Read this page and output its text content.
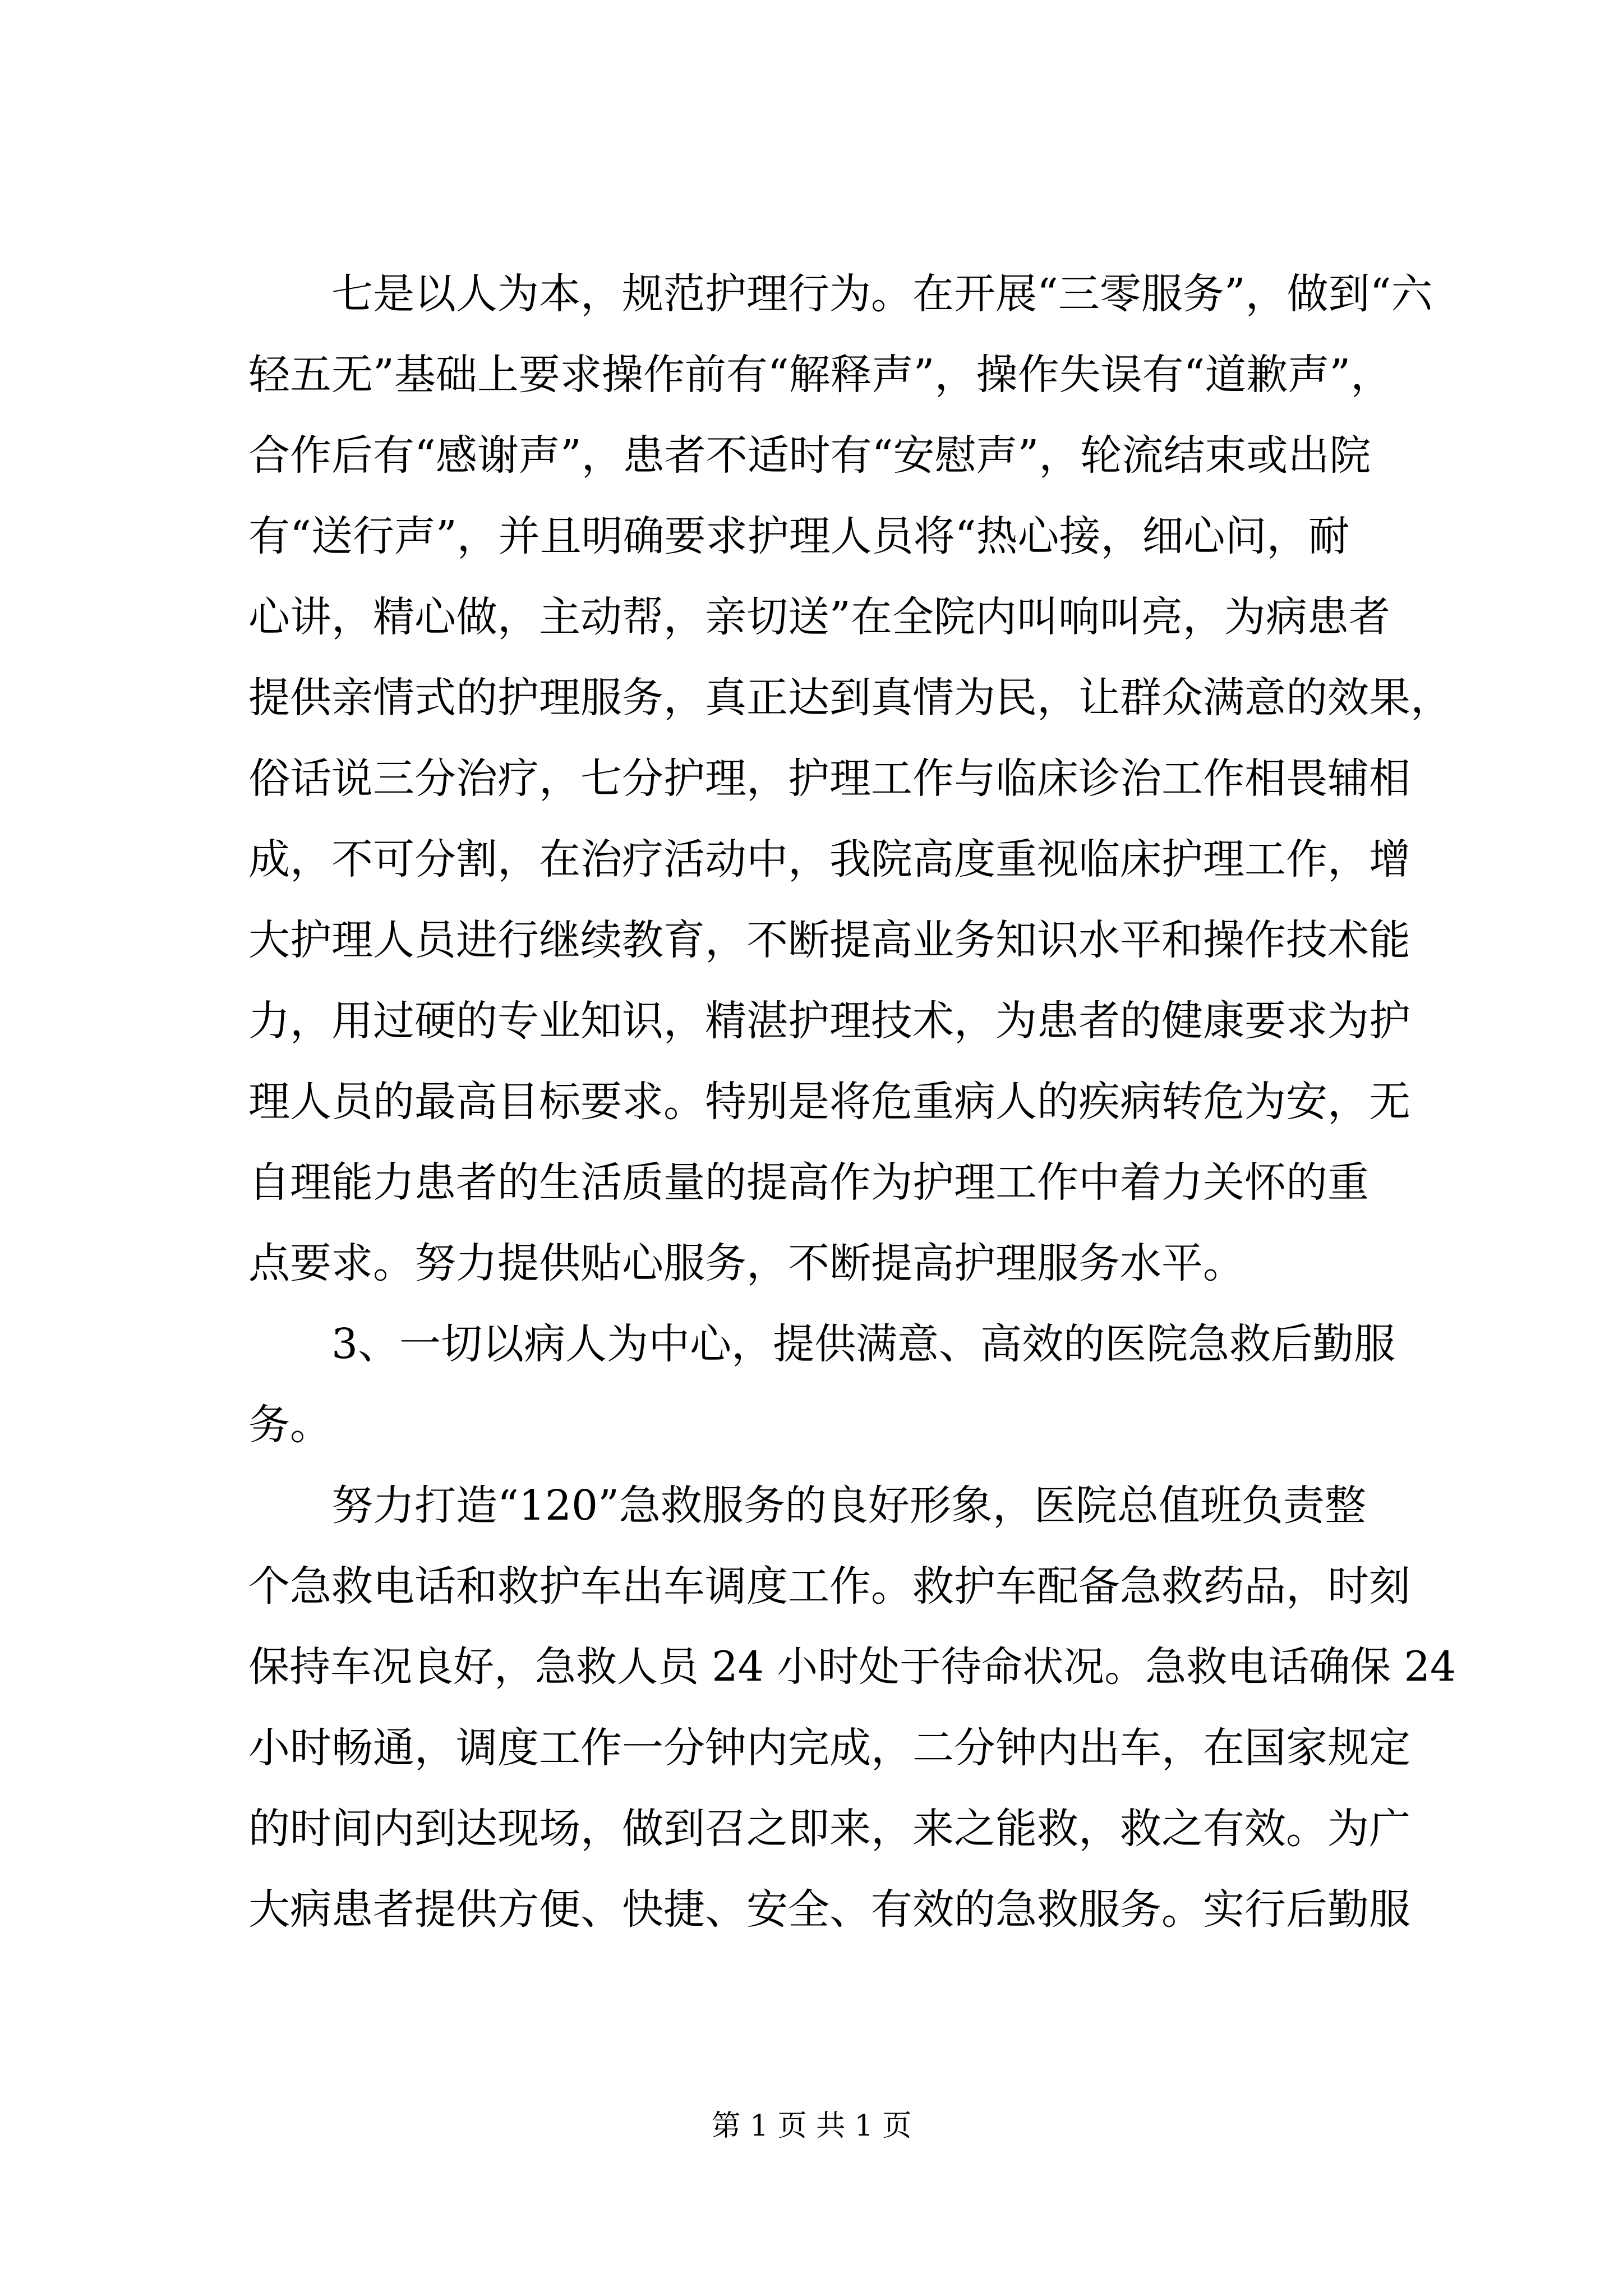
　　七是以人为本，规范护理行为。在开展“三零服务”，做到“六
轻五无”基础上要求操作前有“解释声”，操作失误有“道歉声”，
合作后有“感谢声”，患者不适时有“安慰声”，轮流结束或出院
有“送行声”，并且明确要求护理人员将“热心接，细心问，耐
心讲，精心做，主动帮，亲切送”在全院内叫响叫亮，为病患者
提供亲情式的护理服务，真正达到真情为民，让群众满意的效果，
俗话说三分治疗，七分护理，护理工作与临床诊治工作相畏辅相
成，不可分割，在治疗活动中，我院高度重视临床护理工作，增
大护理人员进行继续教育，不断提高业务知识水平和操作技术能
力，用过硬的专业知识，精湛护理技术，为患者的健康要求为护
理人员的最高目标要求。特别是将危重病人的疾病转危为安，无
自理能力患者的生活质量的提高作为护理工作中着力关怀的重
点要求。努力提供贴心服务，不断提高护理服务水平。
　　3、一切以病人为中心，提供满意、高效的医院急救后勤服
务。
　　努力打造“120”急救服务的良好形象，医院总值班负责整
个急救电话和救护车出车调度工作。救护车配备急救药品，时刻
保持车况良好，急救人员 24 小时处于待命状况。急救电话确保 24
小时畅通，调度工作一分钟内完成，二分钟内出车，在国家规定
的时间内到达现场，做到召之即来，来之能救，救之有效。为广
大病患者提供方便、快捷、安全、有效的急救服务。实行后勤服
第 1 页 共 1 页
